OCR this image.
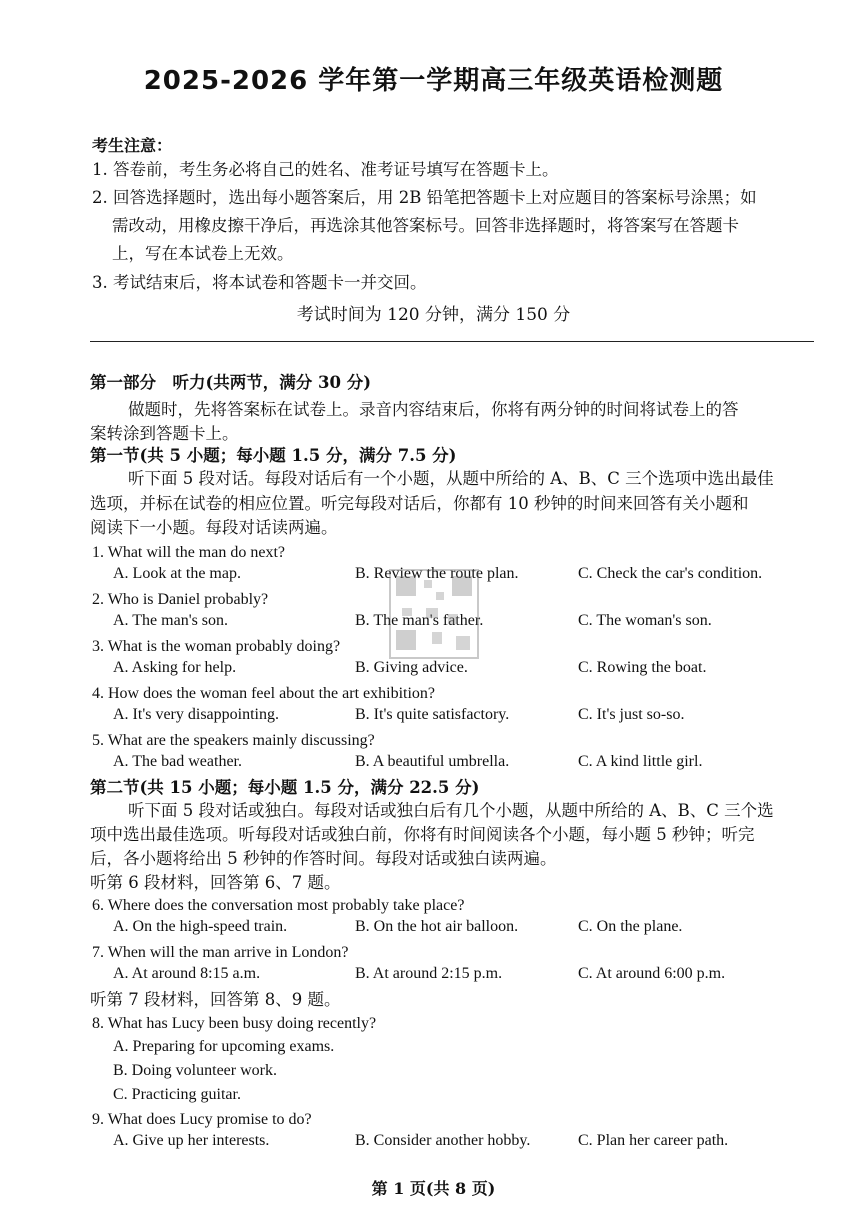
2025-2026 学年第一学期高三年级英语检测题
考生注意：
1. 答卷前，考生务必将自己的姓名、准考证号填写在答题卡上。
2. 回答选择题时，选出每小题答案后，用 2B 铅笔把答题卡上对应题目的答案标号涂黑；如
需改动，用橡皮擦干净后，再选涂其他答案标号。回答非选择题时，将答案写在答题卡
上，写在本试卷上无效。
3. 考试结束后，将本试卷和答题卡一并交回。
考试时间为 120 分钟，满分 150 分
第一部分　听力(共两节，满分 30 分)
做题时，先将答案标在试卷上。录音内容结束后，你将有两分钟的时间将试卷上的答
案转涂到答题卡上。
第一节(共 5 小题；每小题 1.5 分，满分 7.5 分)
听下面 5 段对话。每段对话后有一个小题，从题中所给的 A、B、C 三个选项中选出最佳
选项，并标在试卷的相应位置。听完每段对话后，你都有 10 秒钟的时间来回答有关小题和
阅读下一小题。每段对话读两遍。
1. What will the man do next?
A. Look at the map.	B. Review the route plan.	C. Check the car's condition.
2. Who is Daniel probably?
A. The man's son.	B. The man's father.	C. The woman's son.
3. What is the woman probably doing?
A. Asking for help.	B. Giving advice.	C. Rowing the boat.
4. How does the woman feel about the art exhibition?
A. It's very disappointing.	B. It's quite satisfactory.	C. It's just so-so.
5. What are the speakers mainly discussing?
A. The bad weather.	B. A beautiful umbrella.	C. A kind little girl.
第二节(共 15 小题；每小题 1.5 分，满分 22.5 分)
听下面 5 段对话或独白。每段对话或独白后有几个小题，从题中所给的 A、B、C 三个选
项中选出最佳选项。听每段对话或独白前，你将有时间阅读各个小题，每小题 5 秒钟；听完
后，各小题将给出 5 秒钟的作答时间。每段对话或独白读两遍。
听第 6 段材料，回答第 6、7 题。
6. Where does the conversation most probably take place?
A. On the high-speed train.	B. On the hot air balloon.	C. On the plane.
7. When will the man arrive in London?
A. At around 8:15 a.m.	B. At around 2:15 p.m.	C. At around 6:00 p.m.
听第 7 段材料，回答第 8、9 题。
8. What has Lucy been busy doing recently?
A. Preparing for upcoming exams.
B. Doing volunteer work.
C. Practicing guitar.
9. What does Lucy promise to do?
A. Give up her interests.	B. Consider another hobby.	C. Plan her career path.
第 1 页(共 8 页)
